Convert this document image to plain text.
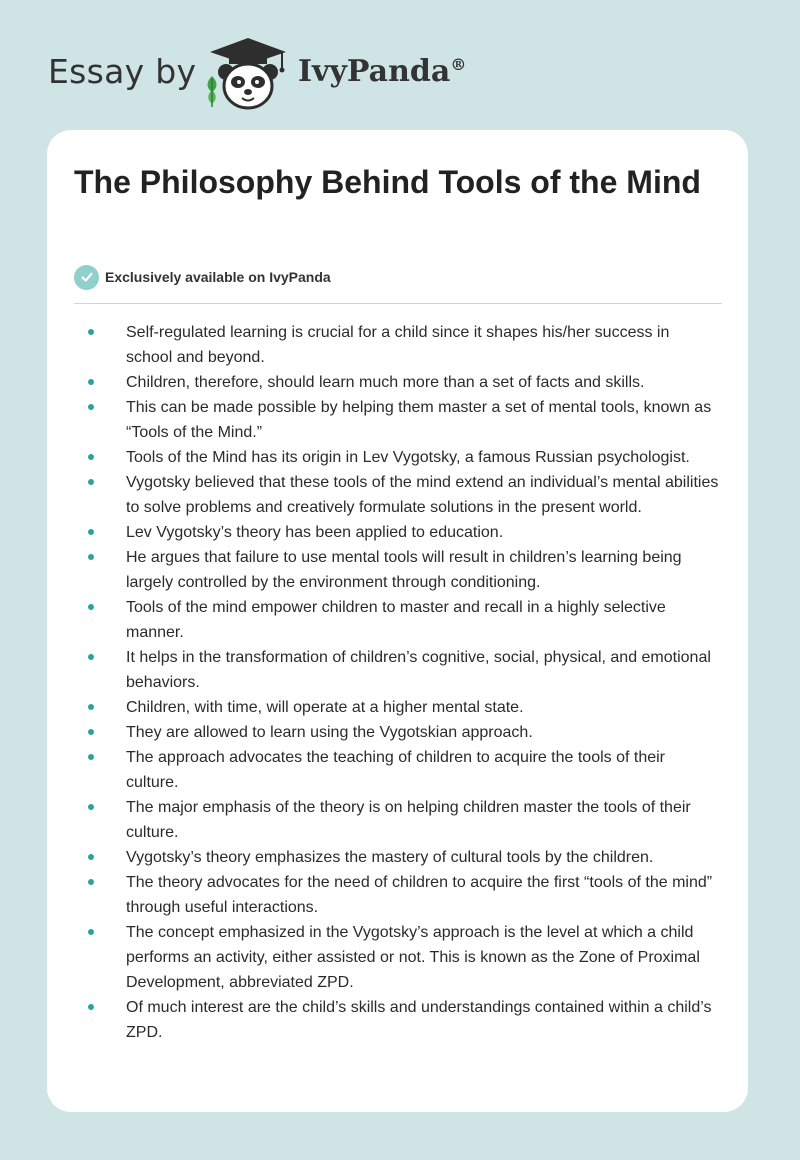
Essay by	IvyPanda®
The Philosophy Behind Tools of the Mind
Exclusively available on IvyPanda
Self-regulated learning is crucial for a child since it shapes his/her success in school and beyond.
Children, therefore, should learn much more than a set of facts and skills.
This can be made possible by helping them master a set of mental tools, known as “Tools of the Mind.”
Tools of the Mind has its origin in Lev Vygotsky, a famous Russian psychologist.
Vygotsky believed that these tools of the mind extend an individual’s mental abilities to solve problems and creatively formulate solutions in the present world.
Lev Vygotsky’s theory has been applied to education.
He argues that failure to use mental tools will result in children’s learning being largely controlled by the environment through conditioning.
Tools of the mind empower children to master and recall in a highly selective manner.
It helps in the transformation of children’s cognitive, social, physical, and emotional behaviors.
Children, with time, will operate at a higher mental state.
They are allowed to learn using the Vygotskian approach.
The approach advocates the teaching of children to acquire the tools of their culture.
The major emphasis of the theory is on helping children master the tools of their culture.
Vygotsky’s theory emphasizes the mastery of cultural tools by the children.
The theory advocates for the need of children to acquire the first “tools of the mind” through useful interactions.
The concept emphasized in the Vygotsky’s approach is the level at which a child performs an activity, either assisted or not. This is known as the Zone of Proximal Development, abbreviated ZPD.
Of much interest are the child’s skills and understandings contained within a child’s ZPD.
